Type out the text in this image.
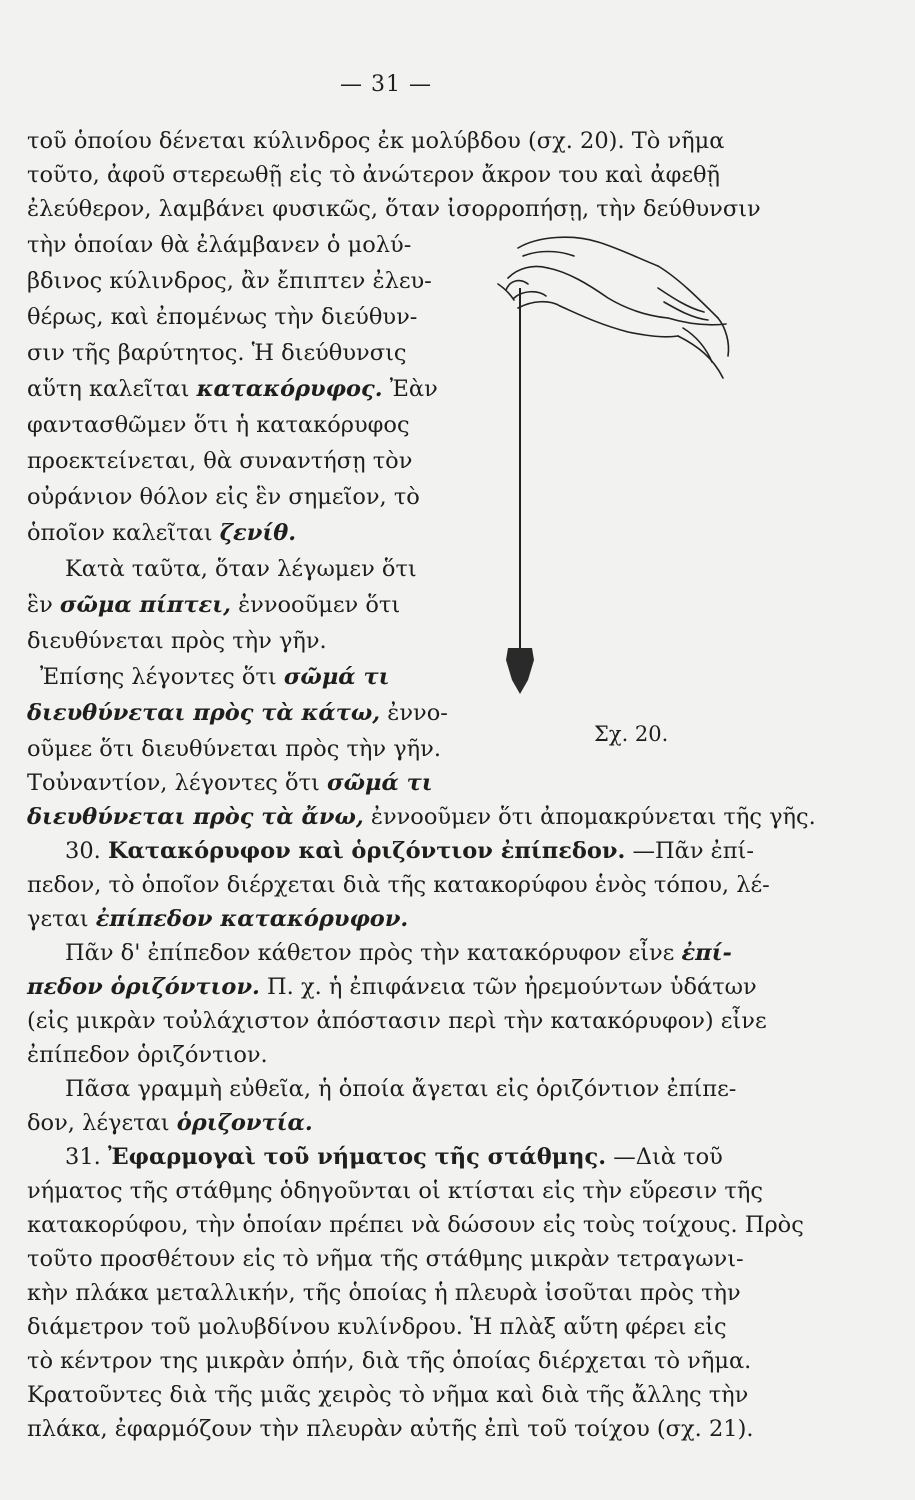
— 31 —
τοῦ ὁποίου δένεται κύλινδρος ἐκ μολύβδου (σχ. 20). Τὸ νῆμα
τοῦτο, ἀφοῦ στερεωθῇ εἰς τὸ ἀνώτερον ἄκρον του καὶ ἀφεθῇ
ἐλεύθερον, λαμβάνει φυσικῶς, ὅταν ἰσορροπήσῃ, τὴν δεύθυνσιν
τὴν ὁποίαν θὰ ἐλάμβανεν ὁ μολύ-
βδινος κύλινδρος, ἂν ἔπιπτεν ἐλευ-
θέρως, καὶ ἐπομένως τὴν διεύθυν-
σιν τῆς βαρύτητος. Ἡ διεύθυνσις
αὕτη καλεῖται κατακόρυφος. Ἐὰν
φαντασθῶμεν ὅτι ἡ κατακόρυφος
προεκτείνεται, θὰ συναντήσῃ τὸν
οὐράνιον θόλον εἰς ἓν σημεῖον, τὸ
ὁποῖον καλεῖται ζενίθ.
Κατὰ ταῦτα, ὅταν λέγωμεν ὅτι
ἓν σῶμα πίπτει, ἐννοοῦμεν ὅτι
διευθύνεται πρὸς τὴν γῆν.
Ἐπίσης λέγοντες ὅτι σῶμά τι
διευθύνεται πρὸς τὰ κάτω, ἐννο-
οῦμεε ὅτι διευθύνεται πρὸς τὴν γῆν.
Τοὐναντίον, λέγοντες ὅτι σῶμά τι
διευθύνεται πρὸς τὰ ἄνω, ἐννοοῦμεν ὅτι ἀπομακρύνεται τῆς γῆς.
30. Κατακόρυφον καὶ ὁριζόντιον ἐπίπεδον. —Πᾶν ἐπί-
πεδον, τὸ ὁποῖον διέρχεται διὰ τῆς κατακορύφου ἑνὸς τόπου, λέ-
γεται ἐπίπεδον κατακόρυφον.
Πᾶν δ' ἐπίπεδον κάθετον πρὸς τὴν κατακόρυφον εἶνε ἐπί-
πεδον ὁριζόντιον. Π. χ. ἡ ἐπιφάνεια τῶν ἠρεμούντων ὑδάτων
(εἰς μικρὰν τοὐλάχιστον ἀπόστασιν περὶ τὴν κατακόρυφον) εἶνε
ἐπίπεδον ὁριζόντιον.
Πᾶσα γραμμὴ εὐθεῖα, ἡ ὁποία ἄγεται εἰς ὁριζόντιον ἐπίπε-
δον, λέγεται ὁριζοντία.
31. Ἐφαρμογαὶ τοῦ νήματος τῆς στάθμης. —Διὰ τοῦ
νήματος τῆς στάθμης ὁδηγοῦνται οἱ κτίσται εἰς τὴν εὕρεσιν τῆς
κατακορύφου, τὴν ὁποίαν πρέπει νὰ δώσουν εἰς τοὺς τοίχους. Πρὸς
τοῦτο προσθέτουν εἰς τὸ νῆμα τῆς στάθμης μικρὰν τετραγωνι-
κὴν πλάκα μεταλλικήν, τῆς ὁποίας ἡ πλευρὰ ἰσοῦται πρὸς τὴν
διάμετρον τοῦ μολυβδίνου κυλίνδρου. Ἡ πλὰξ αὕτη φέρει εἰς
τὸ κέντρον της μικρὰν ὀπήν, διὰ τῆς ὁποίας διέρχεται τὸ νῆμα.
Κρατοῦντες διὰ τῆς μιᾶς χειρὸς τὸ νῆμα καὶ διὰ τῆς ἄλλης τὴν
πλάκα, ἐφαρμόζουν τὴν πλευρὰν αὐτῆς ἐπὶ τοῦ τοίχου (σχ. 21).
Σχ. 20.
